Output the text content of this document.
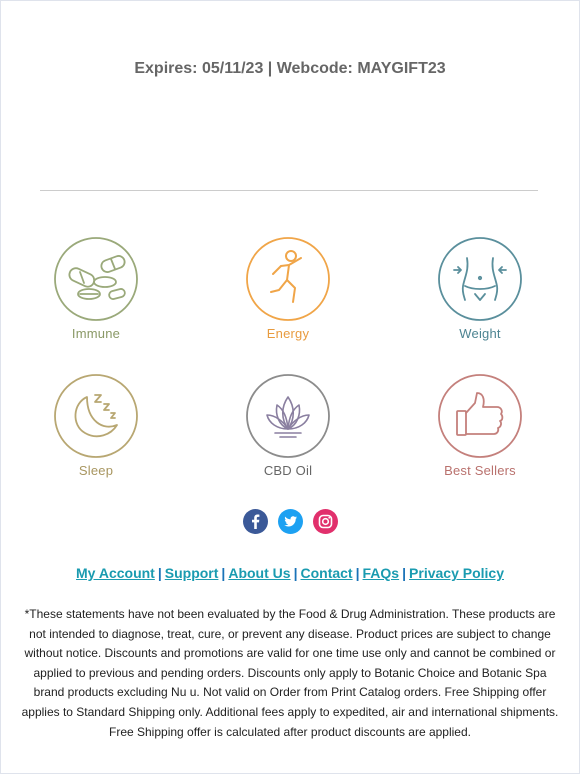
Expires: 05/11/23 | Webcode: MAYGIFT23
Immune	Energy	Weight
Sleep	CBD Oil	Best Sellers

My Account | Support | About Us | Contact | FAQs | Privacy Policy
*These statements have not been evaluated by the Food & Drug Administration. These products are not intended to diagnose, treat, cure, or prevent any disease. Product prices are subject to change without notice. Discounts and promotions are valid for one time use only and cannot be combined or applied to previous and pending orders. Discounts only apply to Botanic Choice and Botanic Spa brand products excluding Nu u. Not valid on Order from Print Catalog orders. Free Shipping offer applies to Standard Shipping only. Additional fees apply to expedited, air and international shipments. Free Shipping offer is calculated after product discounts are applied.
